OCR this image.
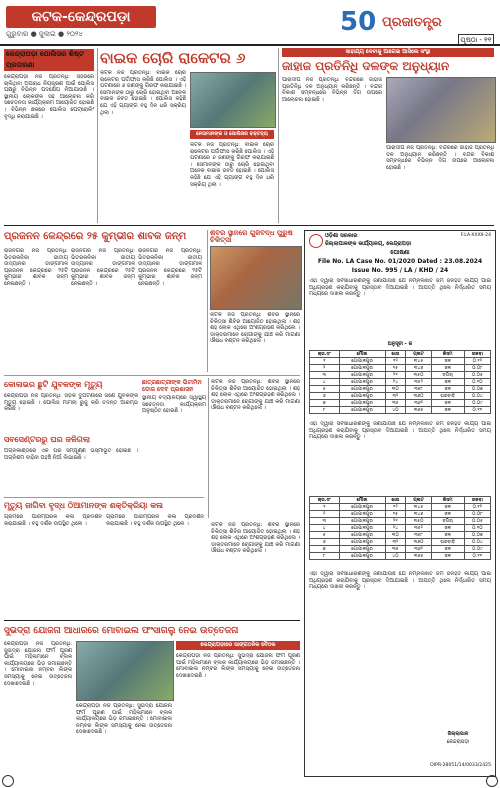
କଟକ-କେନ୍ଦ୍ରପଡ଼ା
ଗୁରୁବାର ● ଜୁଲାଇ ● ୨୦୨୪	50 ପ୍ରଜାତନ୍ତ୍ର
ପୃଷ୍ଠା - ୧୧
କେନ୍ଦ୍ରାପଡ଼ା ପୋଲିସର ଶିଷ୍ଟ ପ୍ରତାରଣା
କେନ୍ଦ୍ରାପଡ଼ା ନିଜ ପ୍ରତିନିଧି: ସହରରେ ଚାଲିଥିବା ଅପରାଧ ନିୟନ୍ତ୍ରଣ ପାଇଁ ପୋଲିସ ପକ୍ଷରୁ ବିଭିନ୍ନ ପଦକ୍ଷେପ ନିଆଯାଉଛି । ସ୍ଥାନୀୟ ଲୋକଙ୍କ ସହ ଆଲୋଚନା କରି ସଚେତନତା କାର୍ଯ୍ୟକ୍ରମ ଆୟୋଜିତ ହୋଇଛି । ବିଭିନ୍ନ ଛକରେ ପୋଲିସ ପେଟ୍ରୋଲିଂ ବୃଦ୍ଧି କରାଯାଇଛି ।
ବାଇକ ଚୋରି ରାକେଟର ୬
କଟକ ନିଜ ପ୍ରତିନିଧି: ବାଇକ ଚୋରି ରାକେଟର ପର୍ଦ୍ଦାଫାସ କରିଛି ପୋଲିସ । ଏହି ଘଟଣାରେ ୬ ଜଣଙ୍କୁ ଗିରଫ କରାଯାଇଛି । ସେମାନଙ୍କ ଠାରୁ ଚୋରି ହୋଇଥିବା ଅନେକ ବାଇକ ଜବତ ହୋଇଛି । ପୋଲିସ କହିଛି ଯେ ଏହି ଗ୍ୟାଙ୍ଗ ବହୁ ଦିନ ଧରି ସକ୍ରିୟ ଥିଲା ।
ନେତାମାନଙ୍କ ଓ ପୋଲିସର ବକ୍ତବ୍ୟ
କଟକ ନିଜ ପ୍ରତିନିଧି: ବାଇକ ଚୋରି ରାକେଟର ପର୍ଦ୍ଦାଫାସ କରିଛି ପୋଲିସ । ଏହି ଘଟଣାରେ ୬ ଜଣଙ୍କୁ ଗିରଫ କରାଯାଇଛି । ସେମାନଙ୍କ ଠାରୁ ଚୋରି ହୋଇଥିବା ଅନେକ ବାଇକ ଜବତ ହୋଇଛି । ପୋଲିସ କହିଛି ଯେ ଏହି ଗ୍ୟାଙ୍ଗ ବହୁ ଦିନ ଧରି ସକ୍ରିୟ ଥିଲା ।
ସାହାଯ୍ୟ ଦେବାକୁ ଆଗେଇ ଆସିଲେ ସଂସ୍ଥା
ଜାହାଜ ପ୍ରତିନିଧି ଦଳଙ୍କ ଅନୁଧ୍ୟାନ
ପାରାଦୀପ ନିଜ ପ୍ରତିନିଧି: ବନ୍ଦରରେ ଜାହାଜ ପ୍ରତିନିଧି ଦଳ ଅନୁଧ୍ୟାନ କରିଛନ୍ତି । ବନ୍ଦର ବିକାଶ ସମ୍ବନ୍ଧରେ ବିଭିନ୍ନ ଦିଗ ଉପରେ ଆଲୋଚନା ହୋଇଛି ।
ପାରାଦୀପ ନିଜ ପ୍ରତିନିଧି: ବନ୍ଦରରେ ଜାହାଜ ପ୍ରତିନିଧି ଦଳ ଅନୁଧ୍ୟାନ କରିଛନ୍ତି । ବନ୍ଦର ବିକାଶ ସମ୍ବନ୍ଧରେ ବିଭିନ୍ନ ଦିଗ ଉପରେ ଆଲୋଚନା ହୋଇଛି ।
ପ୍ରଜନନ କେନ୍ଦ୍ରରେ ୨୫ କୁମ୍ଭୀର ଶାବକ ଜନ୍ମ
ରାଜନଗର ନିଜ ପ୍ରତିନିଧି: ଭିତରକନିକା ଜାତୀୟ ଉଦ୍ୟାନର ଡାଙ୍ଗମାଳ ପ୍ରଜନନ କେନ୍ଦ୍ରରେ ୨୫ଟି କୁମ୍ଭୀର ଶାବକ ଜନ୍ମ ନେଇଛନ୍ତି ।
ରାଜନଗର ନିଜ ପ୍ରତିନିଧି: ଭିତରକନିକା ଜାତୀୟ ଉଦ୍ୟାନର ଡାଙ୍ଗମାଳ ପ୍ରଜନନ କେନ୍ଦ୍ରରେ ୨୫ଟି କୁମ୍ଭୀର ଶାବକ ଜନ୍ମ ନେଇଛନ୍ତି ।
ରାଜନଗର ନିଜ ପ୍ରତିନିଧି: ଭିତରକନିକା ଜାତୀୟ ଉଦ୍ୟାନର ଡାଙ୍ଗମାଳ ପ୍ରଜନନ କେନ୍ଦ୍ରରେ ୨୫ଟି କୁମ୍ଭୀର ଶାବକ ଜନ୍ମ ନେଇଛନ୍ତି ।
ଶିବିର ସ୍ଥାନରେ ଗୁଳିବିଦ୍ଧ ପୁରୁଷ ଚିକିତ୍ସା
କଟକ ନିଜ ପ୍ରତିନିଧି: ଶିବିର ସ୍ଥାନରେ ଚିକିତ୍ସା ଶିବିର ଆୟୋଜିତ ହୋଇଥିଲା । ଶହ ଶହ ଲୋକ ଏଥିରେ ଅଂଶଗ୍ରହଣ କରିଥିଲେ । ଡାକ୍ତରମାନେ ରୋଗୀଙ୍କୁ ଯାଞ୍ଚ କରି ମାଗଣା ଔଷଧ ବଣ୍ଟନ କରିଥିଲେ ।
ଓଡ଼ିଶା ସରକାର
ଜିଲ୍ଲାପାଳଙ୍କ କାର୍ଯ୍ୟାଳୟ, କେନ୍ଦ୍ରାପଡ଼ା
F.LA-XXXII-24
ଘୋଷଣା
File No. LA Case No. 01/2020 Dated : 23.08.2024
Issue No. 995 / LA / KHD / 24
ଏହା ଦ୍ୱାରା ସର୍ବସାଧାରଣଙ୍କୁ ଜଣାଯାଉଛି ଯେ ନିମ୍ନଲିଖିତ ଜମି ଜନହିତ କାର୍ଯ୍ୟ ପାଇଁ ଅଧିଗ୍ରହଣ କରାଯିବାକୁ ପ୍ରସ୍ତାବ ଦିଆଯାଇଛି । ଆପତ୍ତି ଥିଲେ ନିର୍ଦ୍ଧାରିତ ସମୟ ମଧ୍ୟରେ ଦାଖଲ କରନ୍ତୁ ।
ଅନୁସୂଚୀ - କ
କ୍ର.ସଂ	ମୌଜା	ଖାତା	ପ୍ଲଟ	କିସମ	ରକବା
୧	ଗୋପାଳପୁର	୧୨	୩୪୫	ଜଳ	୦.୧୨
୨	ଗୋପାଳପୁର	୧୫	୩୪୬	ଜଳ	୦.୦୮
୩	ଗୋପାଳପୁର	୨୧	୩୫୦	ବଗିଚା	୦.୦୫
୪	ଗୋପାଳପୁର	୨୪	୩୫୨	ଜଳ	୦.୧୦
୫	ଗୋପାଳପୁର	୩୦	୩୫୮	ଜଳ	୦.୦୭
୬	ଗୋପାଳପୁର	୩୨	୩୬୦	ଘରବାଡ଼ି	୦.୦୪
୭	ଗୋପାଳପୁର	୩୫	୩୬୨	ଜଳ	୦.୦୯
୮	ଗୋପାଳପୁର	୪୦	୩୬୫	ଜଳ	୦.୧୧
ଏହା ଦ୍ୱାରା ସର୍ବସାଧାରଣଙ୍କୁ ଜଣାଯାଉଛି ଯେ ନିମ୍ନଲିଖିତ ଜମି ଜନହିତ କାର୍ଯ୍ୟ ପାଇଁ ଅଧିଗ୍ରହଣ କରାଯିବାକୁ ପ୍ରସ୍ତାବ ଦିଆଯାଇଛି । ଆପତ୍ତି ଥିଲେ ନିର୍ଦ୍ଧାରିତ ସମୟ ମଧ୍ୟରେ ଦାଖଲ କରନ୍ତୁ ।
କ୍ର.ସଂ	ମୌଜା	ଖାତା	ପ୍ଲଟ	କିସମ	ରକବା
୧	ଗୋପାଳପୁର	୧୨	୩୪୫	ଜଳ	୦.୧୨
୨	ଗୋପାଳପୁର	୧୫	୩୪୬	ଜଳ	୦.୦୮
୩	ଗୋପାଳପୁର	୨୧	୩୫୦	ବଗିଚା	୦.୦୫
୪	ଗୋପାଳପୁର	୨୪	୩୫୨	ଜଳ	୦.୧୦
୫	ଗୋପାଳପୁର	୩୦	୩୫୮	ଜଳ	୦.୦୭
୬	ଗୋପାଳପୁର	୩୨	୩୬୦	ଘରବାଡ଼ି	୦.୦୪
୭	ଗୋପାଳପୁର	୩୫	୩୬୨	ଜଳ	୦.୦୯
୮	ଗୋପାଳପୁର	୪୦	୩୬୫	ଜଳ	୦.୧୧
ଏହା ଦ୍ୱାରା ସର୍ବସାଧାରଣଙ୍କୁ ଜଣାଯାଉଛି ଯେ ନିମ୍ନଲିଖିତ ଜମି ଜନହିତ କାର୍ଯ୍ୟ ପାଇଁ ଅଧିଗ୍ରହଣ କରାଯିବାକୁ ପ୍ରସ୍ତାବ ଦିଆଯାଇଛି । ଆପତ୍ତି ଥିଲେ ନିର୍ଦ୍ଧାରିତ ସମୟ ମଧ୍ୟରେ ଦାଖଲ କରନ୍ତୁ ।
ଜିଲ୍ଲାପାଳ
କେନ୍ଦ୍ରାପଡ଼ା
OIPR-28051/14/0033/2425
କୋଳାଭର ଛୁଟି ଯୁବକଙ୍କ ମୃତ୍ୟୁ
କେନ୍ଦ୍ରାପଡ଼ା ନିଜ ପ୍ରତିନିଧି: ସଡ଼କ ଦୁର୍ଘଟଣାରେ ଜଣେ ଯୁବକଙ୍କ ମୃତ୍ୟୁ ହୋଇଛି । ପୋଲିସ ମାମଲା ରୁଜୁ କରି ତଦନ୍ତ ଆରମ୍ଭ କରିଛି ।
ଛାତ୍ରଛାତ୍ରୀଙ୍କ ଭିଟାମିନ ଡୋଜ ଦେବ ପ୍ରଶାସନ
ସ୍ଥାନୀୟ ବିଦ୍ୟାଳୟରେ ସ୍ୱାସ୍ଥ୍ୟ ସଚେତନତା କାର୍ଯ୍ୟକ୍ରମ ଅନୁଷ୍ଠିତ ହୋଇଛି ।
କଟକ ନିଜ ପ୍ରତିନିଧି: ଶିବିର ସ୍ଥାନରେ ଚିକିତ୍ସା ଶିବିର ଆୟୋଜିତ ହୋଇଥିଲା । ଶହ ଶହ ଲୋକ ଏଥିରେ ଅଂଶଗ୍ରହଣ କରିଥିଲେ । ଡାକ୍ତରମାନେ ରୋଗୀଙ୍କୁ ଯାଞ୍ଚ କରି ମାଗଣା ଔଷଧ ବଣ୍ଟନ କରିଥିଲେ ।
ସବସେଣ୍ଟରରୁ ଘର ଜଳିଗଲା
ଅଗ୍ନିକାଣ୍ଡରେ ଏକ ଘର ସମ୍ପୂର୍ଣ୍ଣ ଭସ୍ମୀଭୂତ ହୋଇଛି । ଅଗ୍ନିଶମ ବାହିନୀ ପହଞ୍ଚି ନିଆଁ ଲିଭାଇଛି ।
ମୃତ୍ୟୁ ଜାଗିବା ବୃଦ୍ଧ ଠିଆମାନଙ୍କ ଶକ୍ତିକ୍ରିୟା କଳା
ଗ୍ରାମରେ ପାରମ୍ପରିକ କଳା ପ୍ରଦର୍ଶନ କରାଯାଇଛି । ବହୁ ଦର୍ଶକ ଉପସ୍ଥିତ ଥିଲେ ।
ଗ୍ରାମରେ ପାରମ୍ପରିକ କଳା ପ୍ରଦର୍ଶନ କରାଯାଇଛି । ବହୁ ଦର୍ଶକ ଉପସ୍ଥିତ ଥିଲେ ।	କଟକ ନିଜ ପ୍ରତିନିଧି: ଶିବିର ସ୍ଥାନରେ ଚିକିତ୍ସା ଶିବିର ଆୟୋଜିତ ହୋଇଥିଲା । ଶହ ଶହ ଲୋକ ଏଥିରେ ଅଂଶଗ୍ରହଣ କରିଥିଲେ । ଡାକ୍ତରମାନେ ରୋଗୀଙ୍କୁ ଯାଞ୍ଚ କରି ମାଗଣା ଔଷଧ ବଣ୍ଟନ କରିଥିଲେ ।
ସୁଭଦ୍ରା ଯୋଜନା ଆଧାରରେ ମୋବାଇଲ ଫଂସାଗଲୁ ନେଇ ଉତ୍ତେଜନା
କେନ୍ଦ୍ରାପଡ଼ା ନିଜ ପ୍ରତିନିଧି: ସୁଭଦ୍ରା ଯୋଜନା ଫର୍ମ ପୂରଣ ପାଇଁ ମହିଳାମାନେ ବ୍ଲକ କାର୍ଯ୍ୟାଳୟରେ ଭିଡ଼ ଜମାଇଛନ୍ତି । ମୋବାଇଲ ନମ୍ବର ଲିଙ୍କ ସମସ୍ୟାକୁ ନେଇ ଉତ୍ତେଜନା ଦେଖାଦେଇଛି ।
କେନ୍ଦ୍ରାପଡ଼ା ନିଜ ପ୍ରତିନିଧି: ସୁଭଦ୍ରା ଯୋଜନା ଫର୍ମ ପୂରଣ ପାଇଁ ମହିଳାମାନେ ବ୍ଲକ କାର୍ଯ୍ୟାଳୟରେ ଭିଡ଼ ଜମାଇଛନ୍ତି । ମୋବାଇଲ ନମ୍ବର ଲିଙ୍କ ସମସ୍ୟାକୁ ନେଇ ଉତ୍ତେଜନା ଦେଖାଦେଇଛି ।
କେନ୍ଦ୍ରାପଡ଼ାରେ ସାଙ୍ଗଠନିକ ବୈଠକ
କେନ୍ଦ୍ରାପଡ଼ା ନିଜ ପ୍ରତିନିଧି: ସୁଭଦ୍ରା ଯୋଜନା ଫର୍ମ ପୂରଣ ପାଇଁ ମହିଳାମାନେ ବ୍ଲକ କାର୍ଯ୍ୟାଳୟରେ ଭିଡ଼ ଜମାଇଛନ୍ତି । ମୋବାଇଲ ନମ୍ବର ଲିଙ୍କ ସମସ୍ୟାକୁ ନେଇ ଉତ୍ତେଜନା ଦେଖାଦେଇଛି ।
